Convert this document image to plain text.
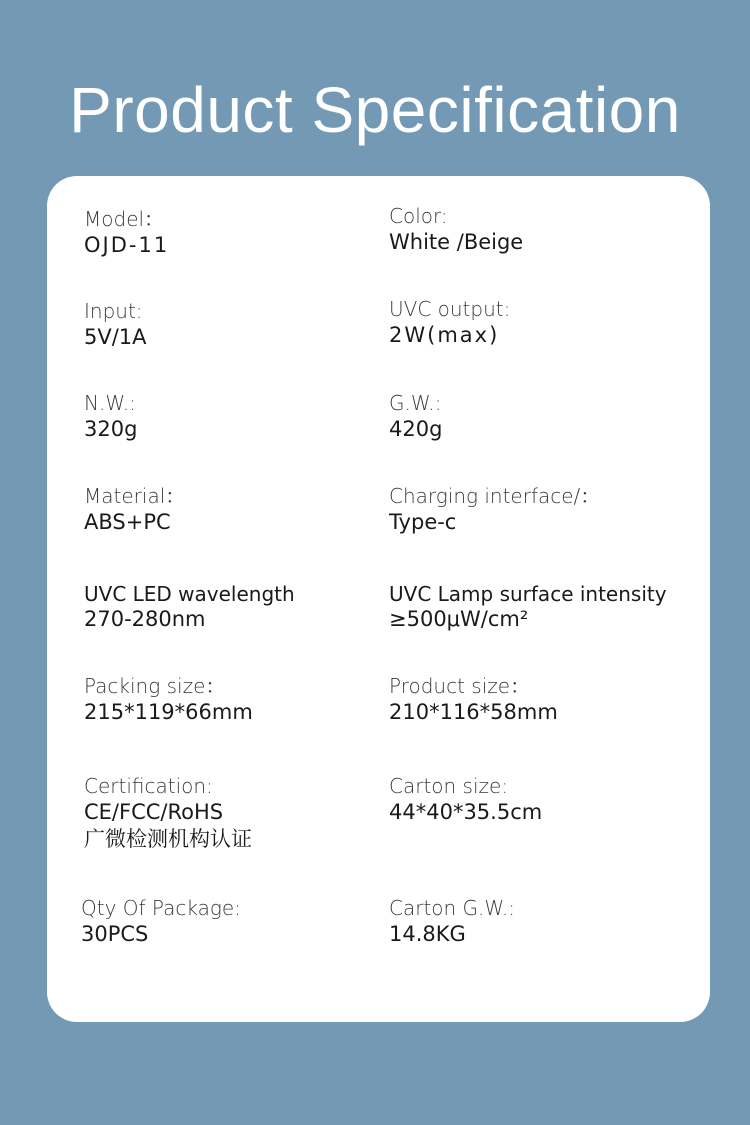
Product Specification
Model：
OJD-11
Color:
White /Beige
Input:
5V/1A
UVC output:
2W(max)
N.W.:
320g
G.W.:
420g
Material：
ABS+PC
Charging interface/：
Type-c
UVC LED wavelength
270-280nm
UVC Lamp surface intensity
≥500μW/cm²
Packing size：
215*119*66mm
Product size：
210*116*58mm
Certification:
CE/FCC/RoHS
广微检测机构认证
Carton size:
44*40*35.5cm
Qty Of Package:
30PCS
Carton G.W.:
14.8KG
